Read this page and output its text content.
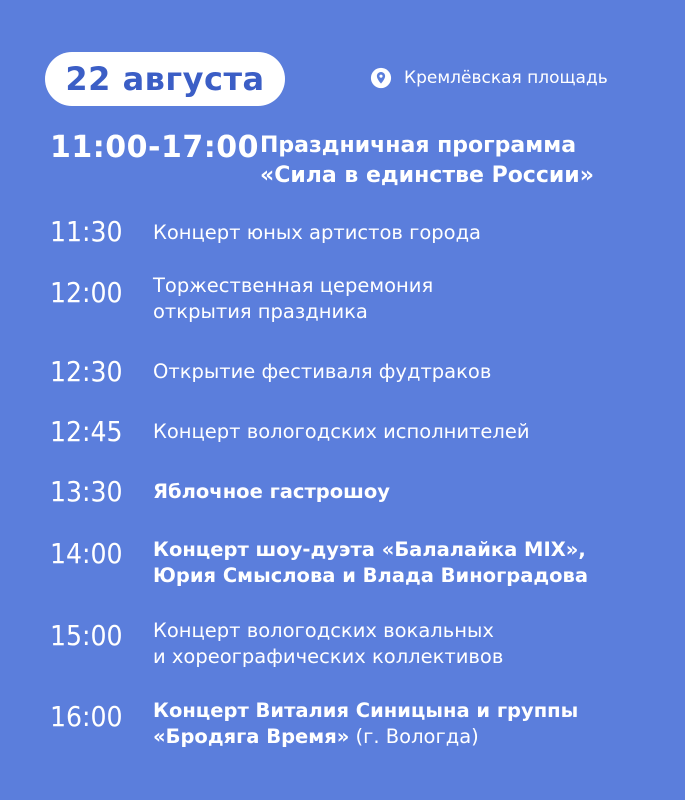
22 августа	Кремлёвская площадь
11:00-17:00 Праздничная программа
«Сила в единстве России»
11:30 Концерт юных артистов города
12:00 Торжественная церемония
открытия праздника
12:30 Открытие фестиваля фудтраков
12:45 Концерт вологодских исполнителей
13:30 Яблочное гастрошоу
14:00 Концерт шоу-дуэта «Балалайка MIX»,
Юрия Смыслова и Влада Виноградова
15:00 Концерт вологодских вокальных
и хореографических коллективов
16:00 Концерт Виталия Синицына и группы
«Бродяга Время» (г. Вологда)
